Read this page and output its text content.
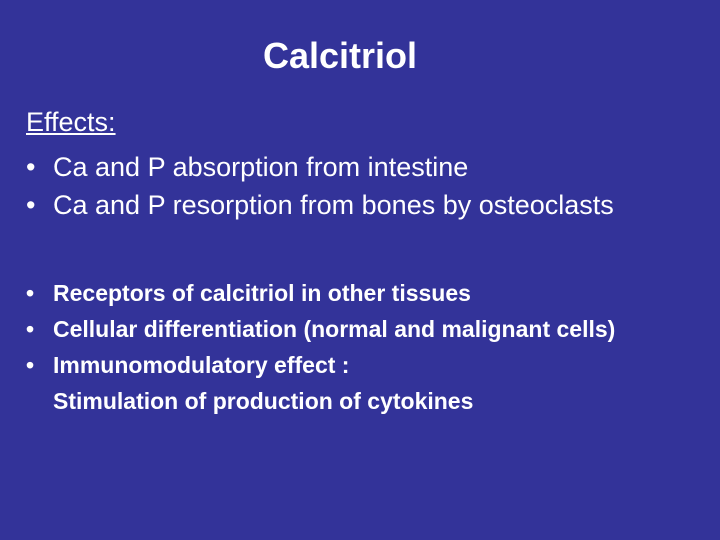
Calcitriol
Effects:
• Ca and P absorption from intestine
• Ca and P resorption from bones by osteoclasts
• Receptors of calcitriol in other tissues
• Cellular differentiation (normal and malignant cells)
• Immunomodulatory effect :
Stimulation of production of cytokines
